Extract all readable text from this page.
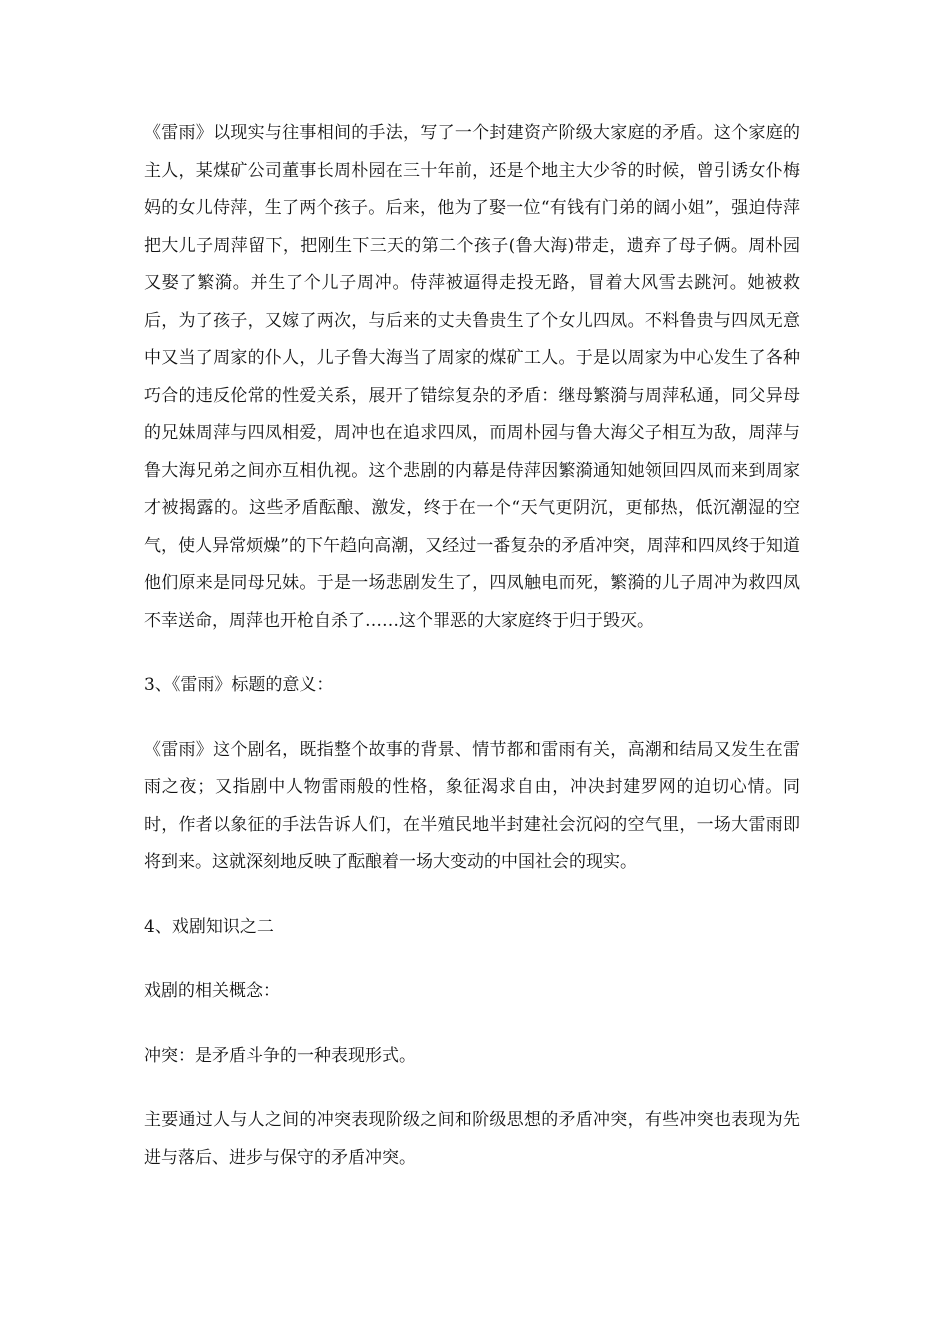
《雷雨》以现实与往事相间的手法，写了一个封建资产阶级大家庭的矛盾。这个家庭的主人，某煤矿公司董事长周朴园在三十年前，还是个地主大少爷的时候，曾引诱女仆梅妈的女儿侍萍，生了两个孩子。后来，他为了娶一位“有钱有门弟的阔小姐”，强迫侍萍把大儿子周萍留下，把刚生下三天的第二个孩子(鲁大海)带走，遗弃了母子俩。周朴园又娶了繁漪。并生了个儿子周冲。侍萍被逼得走投无路，冒着大风雪去跳河。她被救后，为了孩子，又嫁了两次，与后来的丈夫鲁贵生了个女儿四凤。不料鲁贵与四凤无意中又当了周家的仆人，儿子鲁大海当了周家的煤矿工人。于是以周家为中心发生了各种巧合的违反伦常的性爱关系，展开了错综复杂的矛盾：继母繁漪与周萍私通，同父异母的兄妹周萍与四凤相爱，周冲也在追求四凤，而周朴园与鲁大海父子相互为敌，周萍与鲁大海兄弟之间亦互相仇视。这个悲剧的内幕是侍萍因繁漪通知她领回四凤而来到周家才被揭露的。这些矛盾酝酿、激发，终于在一个“天气更阴沉，更郁热，低沉潮湿的空气，使人异常烦燥”的下午趋向高潮，又经过一番复杂的矛盾冲突，周萍和四凤终于知道他们原来是同母兄妹。于是一场悲剧发生了，四凤触电而死，繁漪的儿子周冲为救四凤不幸送命，周萍也开枪自杀了……这个罪恶的大家庭终于归于毁灭。

3、《雷雨》标题的意义：

《雷雨》这个剧名，既指整个故事的背景、情节都和雷雨有关，高潮和结局又发生在雷雨之夜；又指剧中人物雷雨般的性格，象征渴求自由，冲决封建罗网的迫切心情。同时，作者以象征的手法告诉人们，在半殖民地半封建社会沉闷的空气里，一场大雷雨即将到来。这就深刻地反映了酝酿着一场大变动的中国社会的现实。

4、戏剧知识之二

戏剧的相关概念：

冲突：是矛盾斗争的一种表现形式。

主要通过人与人之间的冲突表现阶级之间和阶级思想的矛盾冲突，有些冲突也表现为先进与落后、进步与保守的矛盾冲突。
